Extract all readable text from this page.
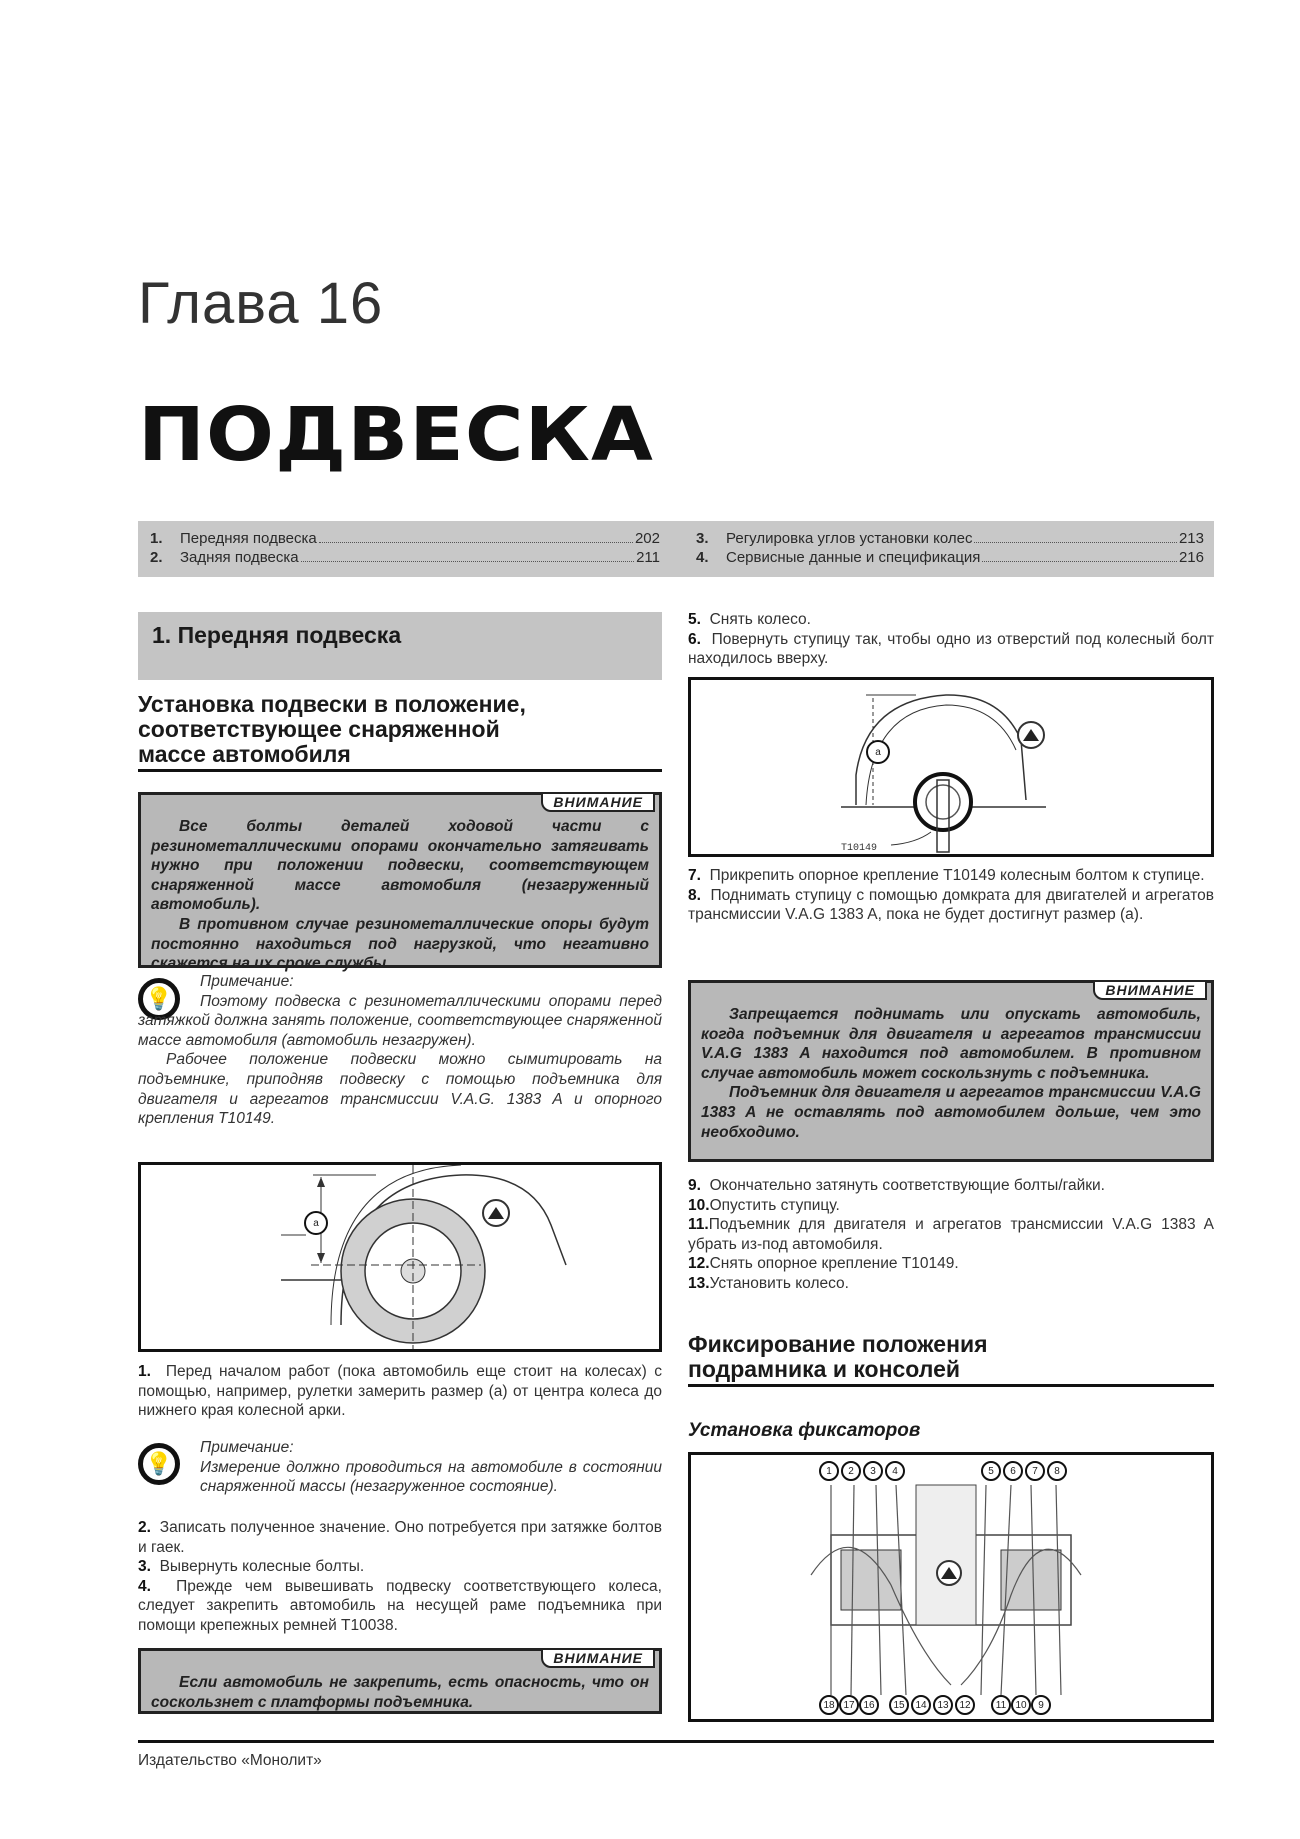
Глава 16
ПОДВЕСКА
1.	Передняя подвеска	202
2.	Задняя подвеска	211
3.	Регулировка углов установки колес	213
4.	Сервисные данные и спецификация	216
1. Передняя подвеска
Установка подвески в положение,
соответствующее снаряженной
массе автомобиля
ВНИМАНИЕ

Все болты деталей ходовой части с резинометаллическими опорами окончательно затягивать нужно при положении подвески, соответствующем снаряженной массе автомобиля (незагруженный автомобиль).

В противном случае резинометаллические опоры будут постоянно находиться под нагрузкой, что негативно скажется на их сроке службы.

💡

Примечание:

Поэтому подвеска с резинометаллическими опорами перед затяжкой должна занять положение, соответствующее снаряженной массе автомобиля (автомобиль незагружен).

Рабочее положение подвески можно сымитировать на подъемнике, приподняв подвеску с помощью подъемника для двигателя и агрегатов трансмиссии V.A.G. 1383 A и опорного крепления T10149.

a

1. Перед началом работ (пока автомобиль еще стоит на колесах) с помощью, например, рулетки замерить размер (a) от центра колеса до нижнего края колесной арки.

💡

Примечание:

Измерение должно проводиться на автомобиле в состоянии снаряженной массы (незагруженное состояние).

2. Записать полученное значение. Оно потребуется при затяжке болтов и гаек.

3. Вывернуть колесные болты.

4. Прежде чем вывешивать подвеску соответствующего колеса, следует закрепить автомобиль на несущей раме подъемника при помощи крепежных ремней T10038.

ВНИМАНИЕ

Если автомобиль не закрепить, есть опасность, что он соскользнет с платформы подъемника.

5. Снять колесо.

6. Повернуть ступицу так, чтобы одно из отверстий под колесный болт находилось вверху.

T10149
a

7. Прикрепить опорное крепление T10149 колесным болтом к ступице.

8. Поднимать ступицу с помощью домкрата для двигателей и агрегатов трансмиссии V.A.G 1383 A, пока не будет достигнут размер (a).

ВНИМАНИЕ

Запрещается поднимать или опускать автомобиль, когда подъемник для двигателя и агрегатов трансмиссии V.A.G 1383 A находится под автомобилем. В противном случае автомобиль может соскользнуть с подъемника.

Подъемник для двигателя и агрегатов трансмиссии V.A.G 1383 A не оставлять под автомобилем дольше, чем это необходимо.

9. Окончательно затянуть соответствующие болты/гайки.

10.Опустить ступицу.

11.Подъемник для двигателя и агрегатов трансмиссии V.A.G 1383 A убрать из-под автомобиля.

12.Снять опорное крепление T10149.

13.Установить колесо.

Фиксирование положения
подрамника и консолей
Установка фиксаторов
1	2	3	4	5	6	7	8
18 17 16	15	14	13	12	11 10	9
Издательство «Монолит»
